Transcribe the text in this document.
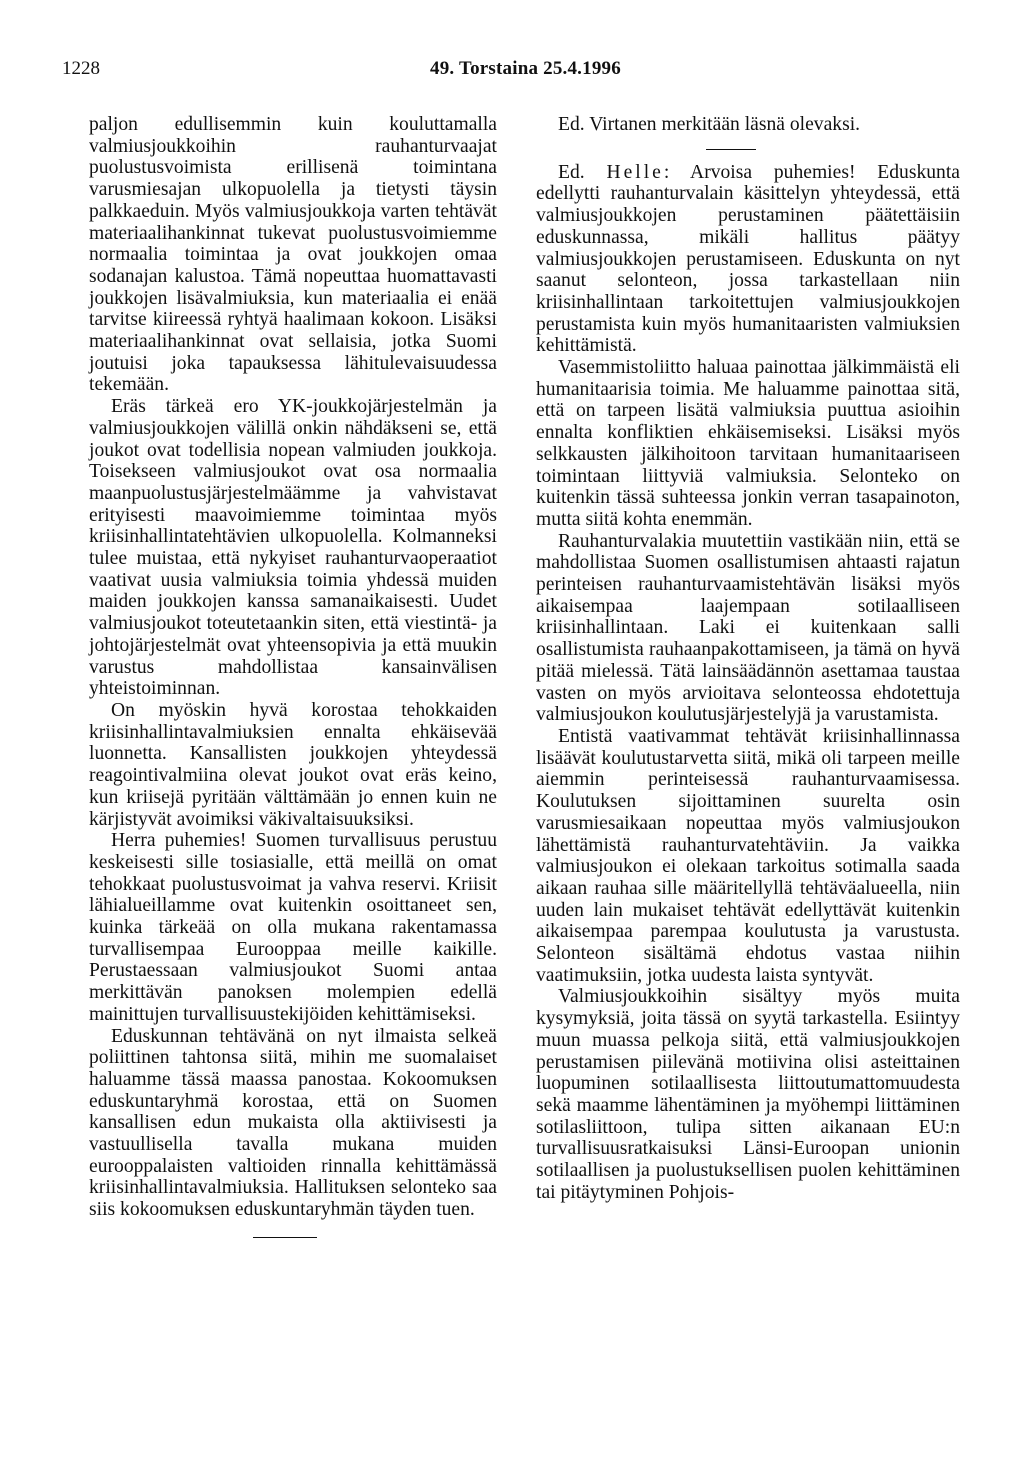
1228	49. Torstaina 25.4.1996

paljon edullisemmin kuin kouluttamalla valmiusjoukkoihin rauhanturvaajat puolustusvoimista erillisenä toimintana varusmiesajan ulkopuolella ja tietysti täysin palkkaeduin. Myös valmiusjoukkoja varten tehtävät materiaalihankinnat tukevat puolustusvoimiemme normaalia toimintaa ja ovat joukkojen omaa sodanajan kalustoa. Tämä nopeuttaa huomattavasti joukkojen lisävalmiuksia, kun materiaalia ei enää tarvitse kiireessä ryhtyä haalimaan kokoon. Lisäksi materiaalihankinnat ovat sellaisia, jotka Suomi joutuisi joka tapauksessa lähitulevaisuudessa tekemään.

Eräs tärkeä ero YK-joukkojärjestelmän ja valmiusjoukkojen välillä onkin nähdäkseni se, että joukot ovat todellisia nopean valmiuden joukkoja. Toisekseen valmiusjoukot ovat osa normaalia maanpuolustusjärjestelmäämme ja vahvistavat erityisesti maavoimiemme toimintaa myös kriisinhallintatehtävien ulkopuolella. Kolmanneksi tulee muistaa, että nykyiset rauhanturvaoperaatiot vaativat uusia valmiuksia toimia yhdessä muiden maiden joukkojen kanssa samanaikaisesti. Uudet valmiusjoukot toteutetaankin siten, että viestintä- ja johtojärjestelmät ovat yhteensopivia ja että muukin varustus mahdollistaa kansainvälisen yhteistoiminnan.

On myöskin hyvä korostaa tehokkaiden kriisinhallintavalmiuksien ennalta ehkäisevää luonnetta. Kansallisten joukkojen yhteydessä reagointivalmiina olevat joukot ovat eräs keino, kun kriisejä pyritään välttämään jo ennen kuin ne kärjistyvät avoimiksi väkivaltaisuuksiksi.

Herra puhemies! Suomen turvallisuus perustuu keskeisesti sille tosiasialle, että meillä on omat tehokkaat puolustusvoimat ja vahva reservi. Kriisit lähialueillamme ovat kuitenkin osoittaneet sen, kuinka tärkeää on olla mukana rakentamassa turvallisempaa Eurooppaa meille kaikille. Perustaessaan valmiusjoukot Suomi antaa merkittävän panoksen molempien edellä mainittujen turvallisuustekijöiden kehittämiseksi.

Eduskunnan tehtävänä on nyt ilmaista selkeä poliittinen tahtonsa siitä, mihin me suomalaiset haluamme tässä maassa panostaa. Kokoomuksen eduskuntaryhmä korostaa, että on Suomen kansallisen edun mukaista olla aktiivisesti ja vastuullisella tavalla mukana muiden eurooppalaisten valtioiden rinnalla kehittämässä kriisinhallintavalmiuksia. Hallituksen selonteko saa siis kokoomuksen eduskuntaryhmän täyden tuen.

Ed. Virtanen merkitään läsnä olevaksi.

Ed. Helle: Arvoisa puhemies! Eduskunta edellytti rauhanturvalain käsittelyn yhteydessä, että valmiusjoukkojen perustaminen päätettäisiin eduskunnassa, mikäli hallitus päätyy valmiusjoukkojen perustamiseen. Eduskunta on nyt saanut selonteon, jossa tarkastellaan niin kriisinhallintaan tarkoitettujen valmiusjoukkojen perustamista kuin myös humanitaaristen valmiuksien kehittämistä.

Vasemmistoliitto haluaa painottaa jälkimmäistä eli humanitaarisia toimia. Me haluamme painottaa sitä, että on tarpeen lisätä valmiuksia puuttua asioihin ennalta konfliktien ehkäisemiseksi. Lisäksi myös selkkausten jälkihoitoon tarvitaan humanitaariseen toimintaan liittyviä valmiuksia. Selonteko on kuitenkin tässä suhteessa jonkin verran tasapainoton, mutta siitä kohta enemmän.

Rauhanturvalakia muutettiin vastikään niin, että se mahdollistaa Suomen osallistumisen ahtaasti rajatun perinteisen rauhanturvaamistehtävän lisäksi myös aikaisempaa laajempaan sotilaalliseen kriisinhallintaan. Laki ei kuitenkaan salli osallistumista rauhaanpakottamiseen, ja tämä on hyvä pitää mielessä. Tätä lainsäädännön asettamaa taustaa vasten on myös arvioitava selonteossa ehdotettuja valmiusjoukon koulutusjärjestelyjä ja varustamista.

Entistä vaativammat tehtävät kriisinhallinnassa lisäävät koulutustarvetta siitä, mikä oli tarpeen meille aiemmin perinteisessä rauhanturvaamisessa. Koulutuksen sijoittaminen suurelta osin varusmiesaikaan nopeuttaa myös valmiusjoukon lähettämistä rauhanturvatehtäviin. Ja vaikka valmiusjoukon ei olekaan tarkoitus sotimalla saada aikaan rauhaa sille määritellyllä tehtäväalueella, niin uuden lain mukaiset tehtävät edellyttävät kuitenkin aikaisempaa parempaa koulutusta ja varustusta. Selonteon sisältämä ehdotus vastaa niihin vaatimuksiin, jotka uudesta laista syntyvät.

Valmiusjoukkoihin sisältyy myös muita kysymyksiä, joita tässä on syytä tarkastella. Esiintyy muun muassa pelkoja siitä, että valmiusjoukkojen perustamisen piilevänä motiivina olisi asteittainen luopuminen sotilaallisesta liittoutumattomuudesta sekä maamme lähentäminen ja myöhempi liittäminen sotilasliittoon, tulipa sitten aikanaan EU:n turvallisuusratkaisuksi Länsi-Euroopan unionin sotilaallisen ja puolustuksellisen puolen kehittäminen tai pitäytyminen Pohjois-
